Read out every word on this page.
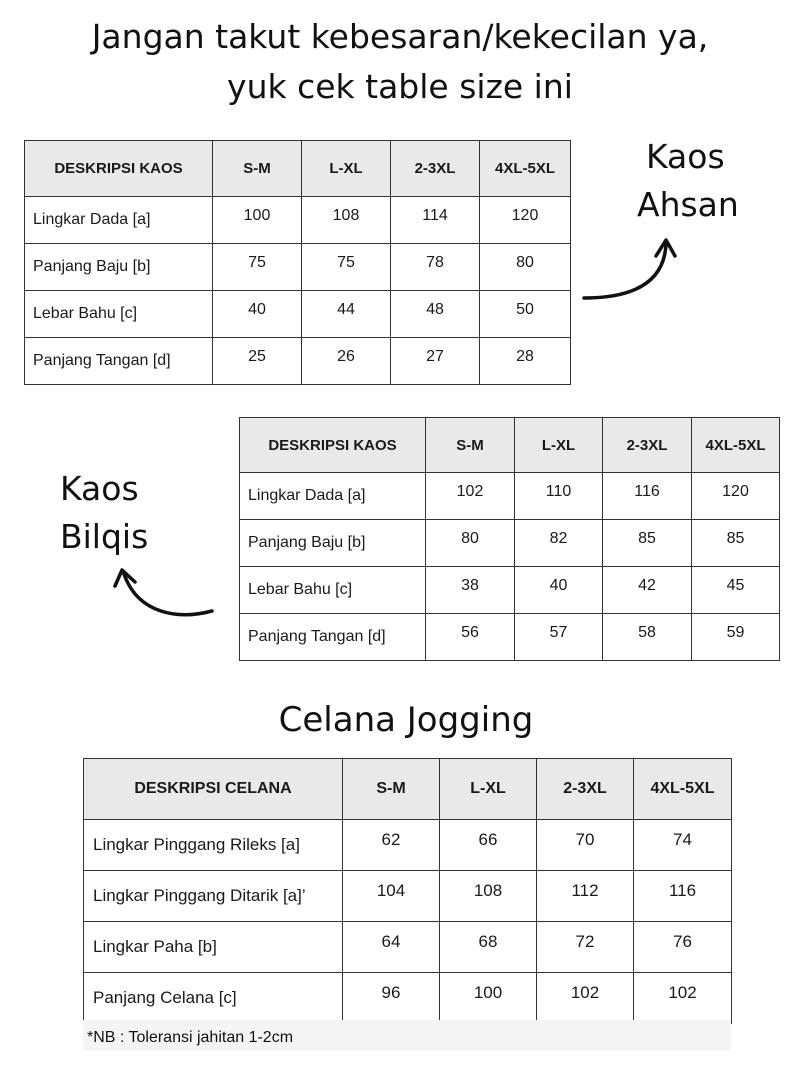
Jangan takut kebesaran/kekecilan ya,
yuk cek table size ini
DESKRIPSI KAOS	S-M	L-XL	2-3XL	4XL-5XL
Lingkar Dada [a]	100	108	114	120
Panjang Baju [b]	75	75	78	80
Lebar Bahu [c]	40	44	48	50
Panjang Tangan [d]	25	26	27	28
Kaos
Ahsan
DESKRIPSI KAOS	S-M	L-XL	2-3XL	4XL-5XL
Lingkar Dada [a]	102	110	116	120
Panjang Baju [b]	80	82	85	85
Lebar Bahu [c]	38	40	42	45
Panjang Tangan [d]	56	57	58	59
Kaos
Bilqis
Celana Jogging
DESKRIPSI CELANA	S-M	L-XL	2-3XL	4XL-5XL
Lingkar Pinggang Rileks [a]	62	66	70	74
Lingkar Pinggang Ditarik [a]’	104	108	112	116
Lingkar Paha [b]	64	68	72	76
Panjang Celana [c]	96	100	102	102
*NB : Toleransi jahitan 1-2cm
